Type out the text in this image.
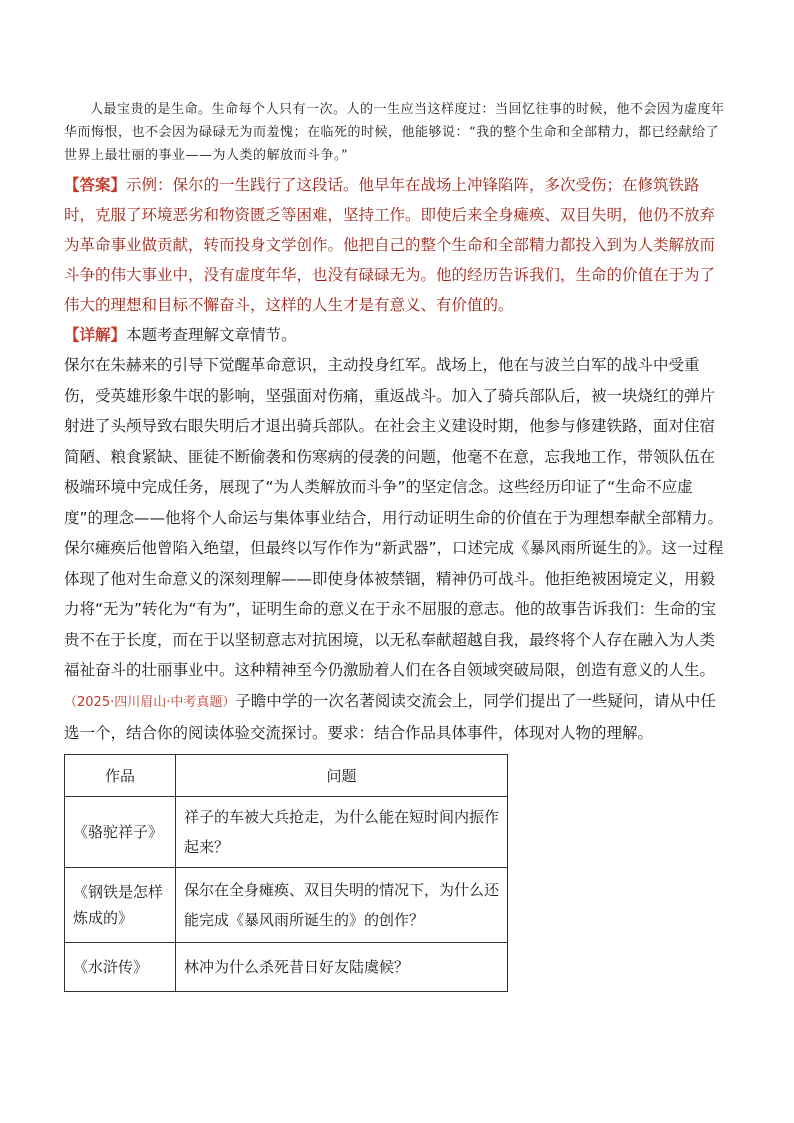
人最宝贵的是生命。生命每个人只有一次。人的一生应当这样度过：当回忆往事的时候，他不会因为虚度年华而悔恨，也不会因为碌碌无为而羞愧；在临死的时候，他能够说：“我的整个生命和全部精力，都已经献给了世界上最壮丽的事业——为人类的解放而斗争。”

【答案】示例：保尔的一生践行了这段话。他早年在战场上冲锋陷阵，多次受伤；在修筑铁路时，克服了环境恶劣和物资匮乏等困难，坚持工作。即使后来全身瘫痪、双目失明，他仍不放弃为革命事业做贡献，转而投身文学创作。他把自己的整个生命和全部精力都投入到为人类解放而斗争的伟大事业中，没有虚度年华，也没有碌碌无为。他的经历告诉我们，生命的价值在于为了伟大的理想和目标不懈奋斗，这样的人生才是有意义、有价值的。

【详解】本题考查理解文章情节。

保尔在朱赫来的引导下觉醒革命意识，主动投身红军。战场上，他在与波兰白军的战斗中受重伤，受英雄形象牛氓的影响，坚强面对伤痛，重返战斗。加入了骑兵部队后，被一块烧红的弹片射进了头颅导致右眼失明后才退出骑兵部队。在社会主义建设时期，他参与修建铁路，面对住宿简陋、粮食紧缺、匪徒不断偷袭和伤寒病的侵袭的问题，他毫不在意，忘我地工作，带领队伍在极端环境中完成任务，展现了“为人类解放而斗争”的坚定信念。这些经历印证了“生命不应虚度”的理念——他将个人命运与集体事业结合，用行动证明生命的价值在于为理想奉献全部精力。保尔瘫痪后他曾陷入绝望，但最终以写作作为“新武器”，口述完成《暴风雨所诞生的》。这一过程体现了他对生命意义的深刻理解——即使身体被禁锢，精神仍可战斗。他拒绝被困境定义，用毅力将“无为”转化为“有为”，证明生命的意义在于永不屈服的意志。他的故事告诉我们：生命的宝贵不在于长度，而在于以坚韧意志对抗困境，以无私奉献超越自我，最终将个人存在融入为人类福祉奋斗的壮丽事业中。这种精神至今仍激励着人们在各自领域突破局限，创造有意义的人生。

（2025·四川眉山·中考真题）子瞻中学的一次名著阅读交流会上，同学们提出了一些疑问，请从中任选一个，结合你的阅读体验交流探讨。要求：结合作品具体事件，体现对人物的理解。

作品	问题
《骆驼祥子》	祥子的车被大兵抢走，为什么能在短时间内振作起来？
《钢铁是怎样炼成的》	保尔在全身瘫痪、双目失明的情况下，为什么还能完成《暴风雨所诞生的》的创作？
《水浒传》	林冲为什么杀死昔日好友陆虞候？
